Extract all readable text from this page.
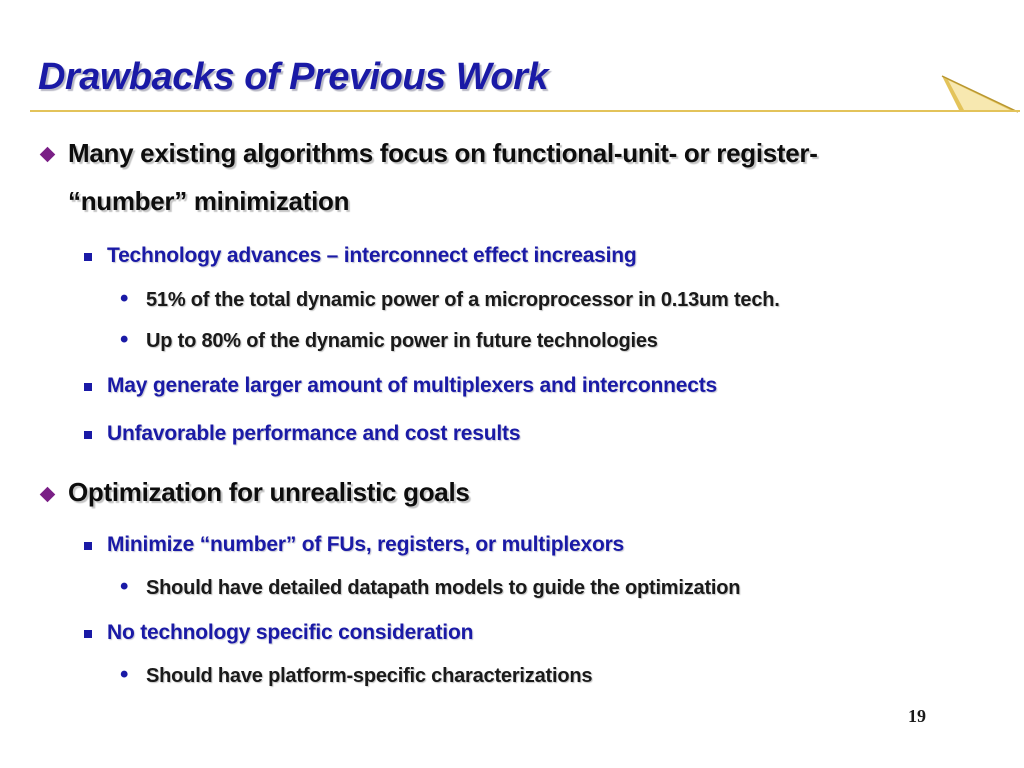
Drawbacks of Previous Work
Many existing algorithms focus on functional-unit- or register-
“number” minimization
Technology advances – interconnect effect increasing
• 51% of the total dynamic power of a microprocessor in 0.13um tech.
• Up to 80% of the dynamic power in future technologies
May generate larger amount of multiplexers and interconnects
Unfavorable performance and cost results
Optimization for unrealistic goals
Minimize “number” of FUs, registers, or multiplexors
• Should have detailed datapath models to guide the optimization
No technology specific consideration
• Should have platform-specific characterizations
19
